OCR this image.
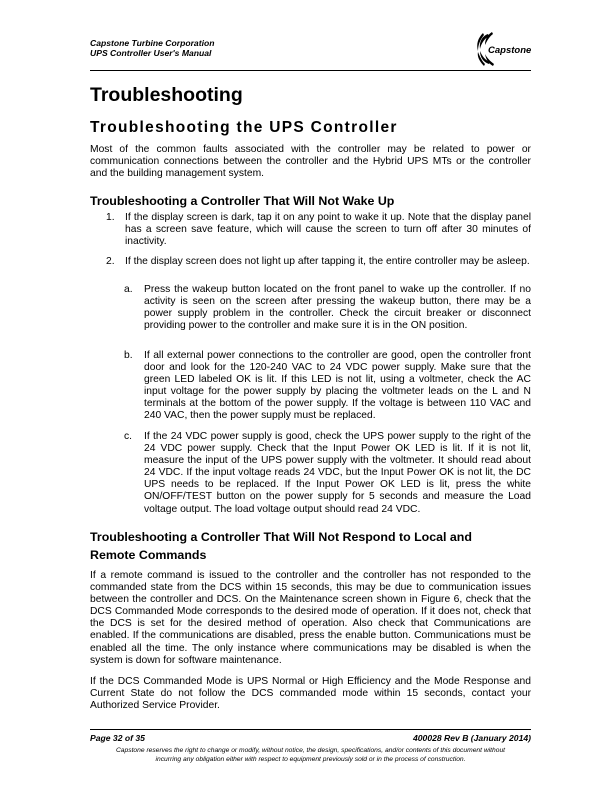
Capstone Turbine Corporation
UPS Controller User's Manual	Capstone
Troubleshooting
Troubleshooting the UPS Controller

Most of the common faults associated with the controller may be related to power or communication connections between the controller and the Hybrid UPS MTs or the controller and the building management system.

Troubleshooting a Controller That Will Not Wake Up
1. If the display screen is dark, tap it on any point to wake it up. Note that the display panel has a screen save feature, which will cause the screen to turn off after 30 minutes of inactivity.
2. If the display screen does not light up after tapping it, the entire controller may be asleep.
a. Press the wakeup button located on the front panel to wake up the controller. If no activity is seen on the screen after pressing the wakeup button, there may be a power supply problem in the controller. Check the circuit breaker or disconnect providing power to the controller and make sure it is in the ON position.
b. If all external power connections to the controller are good, open the controller front door and look for the 120-240 VAC to 24 VDC power supply. Make sure that the green LED labeled OK is lit. If this LED is not lit, using a voltmeter, check the AC input voltage for the power supply by placing the voltmeter leads on the L and N terminals at the bottom of the power supply. If the voltage is between 110 VAC and 240 VAC, then the power supply must be replaced.
c. If the 24 VDC power supply is good, check the UPS power supply to the right of the 24 VDC power supply. Check that the Input Power OK LED is lit. If it is not lit, measure the input of the UPS power supply with the voltmeter. It should read about 24 VDC. If the input voltage reads 24 VDC, but the Input Power OK is not lit, the DC UPS needs to be replaced. If the Input Power OK LED is lit, press the white ON/OFF/TEST button on the power supply for 5 seconds and measure the Load voltage output. The load voltage output should read 24 VDC.
Troubleshooting a Controller That Will Not Respond to Local and
Remote Commands

If a remote command is issued to the controller and the controller has not responded to the commanded state from the DCS within 15 seconds, this may be due to communication issues between the controller and DCS. On the Maintenance screen shown in Figure 6, check that the DCS Commanded Mode corresponds to the desired mode of operation. If it does not, check that the DCS is set for the desired method of operation. Also check that Communications are enabled. If the communications are disabled, press the enable button. Communications must be enabled all the time. The only instance where communications may be disabled is when the system is down for software maintenance.

If the DCS Commanded Mode is UPS Normal or High Efficiency and the Mode Response and Current State do not follow the DCS commanded mode within 15 seconds, contact your Authorized Service Provider.

Page 32 of 35	400028 Rev B (January 2014)
Capstone reserves the right to change or modify, without notice, the design, specifications, and/or contents of this document without
incurring any obligation either with respect to equipment previously sold or in the process of construction.
